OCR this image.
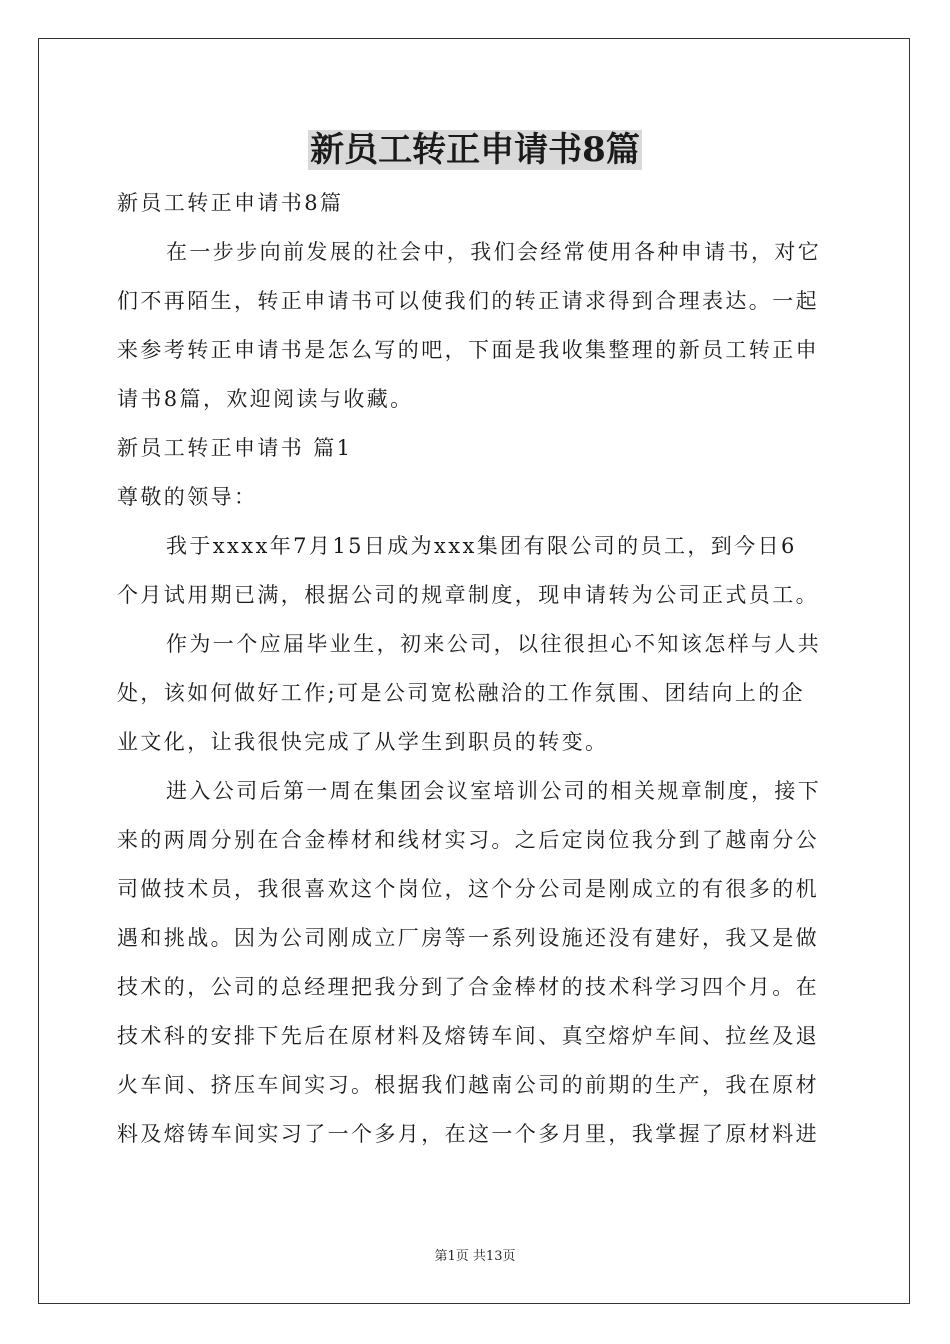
新员工转正申请书8篇
新员工转正申请书8篇
在一步步向前发展的社会中，我们会经常使用各种申请书，对它
们不再陌生，转正申请书可以使我们的转正请求得到合理表达。一起
来参考转正申请书是怎么写的吧，下面是我收集整理的新员工转正申
请书8篇，欢迎阅读与收藏。
新员工转正申请书 篇1
尊敬的领导：
我于xxxx年7月15日成为xxx集团有限公司的员工，到今日6
个月试用期已满，根据公司的规章制度，现申请转为公司正式员工。
作为一个应届毕业生，初来公司，以往很担心不知该怎样与人共
处，该如何做好工作;可是公司宽松融洽的工作氛围、团结向上的企
业文化，让我很快完成了从学生到职员的转变。
进入公司后第一周在集团会议室培训公司的相关规章制度，接下
来的两周分别在合金棒材和线材实习。之后定岗位我分到了越南分公
司做技术员，我很喜欢这个岗位，这个分公司是刚成立的有很多的机
遇和挑战。因为公司刚成立厂房等一系列设施还没有建好，我又是做
技术的，公司的总经理把我分到了合金棒材的技术科学习四个月。在
技术科的安排下先后在原材料及熔铸车间、真空熔炉车间、拉丝及退
火车间、挤压车间实习。根据我们越南公司的前期的生产，我在原材
料及熔铸车间实习了一个多月，在这一个多月里，我掌握了原材料进
第1页 共13页
